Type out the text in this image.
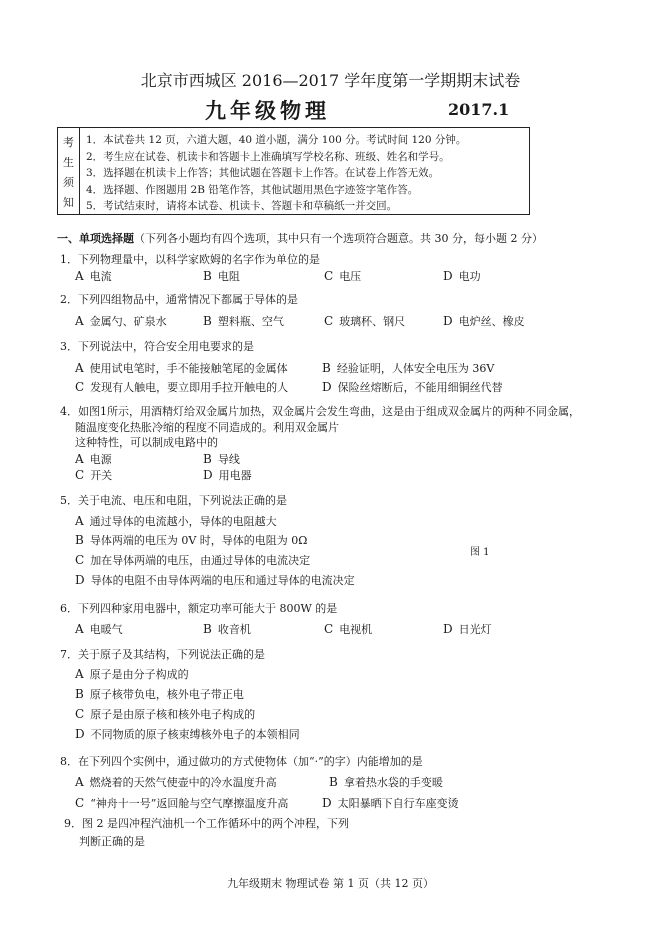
北京市西城区 2016—2017 学年度第一学期期末试卷
九年级物理	2017.1
考
生
须
知
1．本试卷共 12 页，六道大题，40 道小题，满分 100 分。考试时间 120 分钟。
2．考生应在试卷、机读卡和答题卡上准确填写学校名称、班级、姓名和学号。
3．选择题在机读卡上作答；其他试题在答题卡上作答。在试卷上作答无效。
4．选择题、作图题用 2B 铅笔作答，其他试题用黑色字迹签字笔作答。
5．考试结束时，请将本试卷、机读卡、答题卡和草稿纸一并交回。
一、单项选择题（下列各小题均有四个选项，其中只有一个选项符合题意。共 30 分，每小题 2 分）
1．下列物理量中，以科学家欧姆的名字作为单位的是
A 电流	B 电阻	C 电压	D 电功
2．下列四组物品中，通常情况下都属于导体的是
A 金属勺、矿泉水	B 塑料瓶、空气	C 玻璃杯、钢尺	D 电炉丝、橡皮
3．下列说法中，符合安全用电要求的是
A 使用试电笔时，手不能接触笔尾的金属体	B 经验证明，人体安全电压为 36V
C 发现有人触电，要立即用手拉开触电的人	D 保险丝熔断后，不能用细铜丝代替
4．如图1所示，用酒精灯给双金属片加热，双金属片会发生弯曲，这是由于组成双金属片的两种不同金属，
随温度变化热胀冷缩的程度不同造成的。利用双金属片
这种特性，可以制成电路中的
A 电源	B 导线
C 开关	D 用电器
5．关于电流、电压和电阻，下列说法正确的是
A 通过导体的电流越小，导体的电阻越大
B 导体两端的电压为 0V 时，导体的电阻为 0Ω
C 加在导体两端的电压，由通过导体的电流决定
D 导体的电阻不由导体两端的电压和通过导体的电流决定
图 1
6．下列四种家用电器中，额定功率可能大于 800W 的是
A 电暖气	B 收音机	C 电视机	D 日光灯
7．关于原子及其结构，下列说法正确的是
A 原子是由分子构成的
B 原子核带负电，核外电子带正电
C 原子是由原子核和核外电子构成的
D 不同物质的原子核束缚核外电子的本领相同
8．在下列四个实例中，通过做功的方式使物体（加“·”的字）内能增加的是
A 燃烧着的天然气使壶中的冷水温度升高	B 拿着热水袋的手变暖
C “神舟十一号”返回舱与空气摩擦温度升高	D 太阳暴晒下自行车座变烫
9．图 2 是四冲程汽油机一个工作循环中的两个冲程，下列
判断正确的是
九年级期末 物理试卷 第 1 页（共 12 页）
